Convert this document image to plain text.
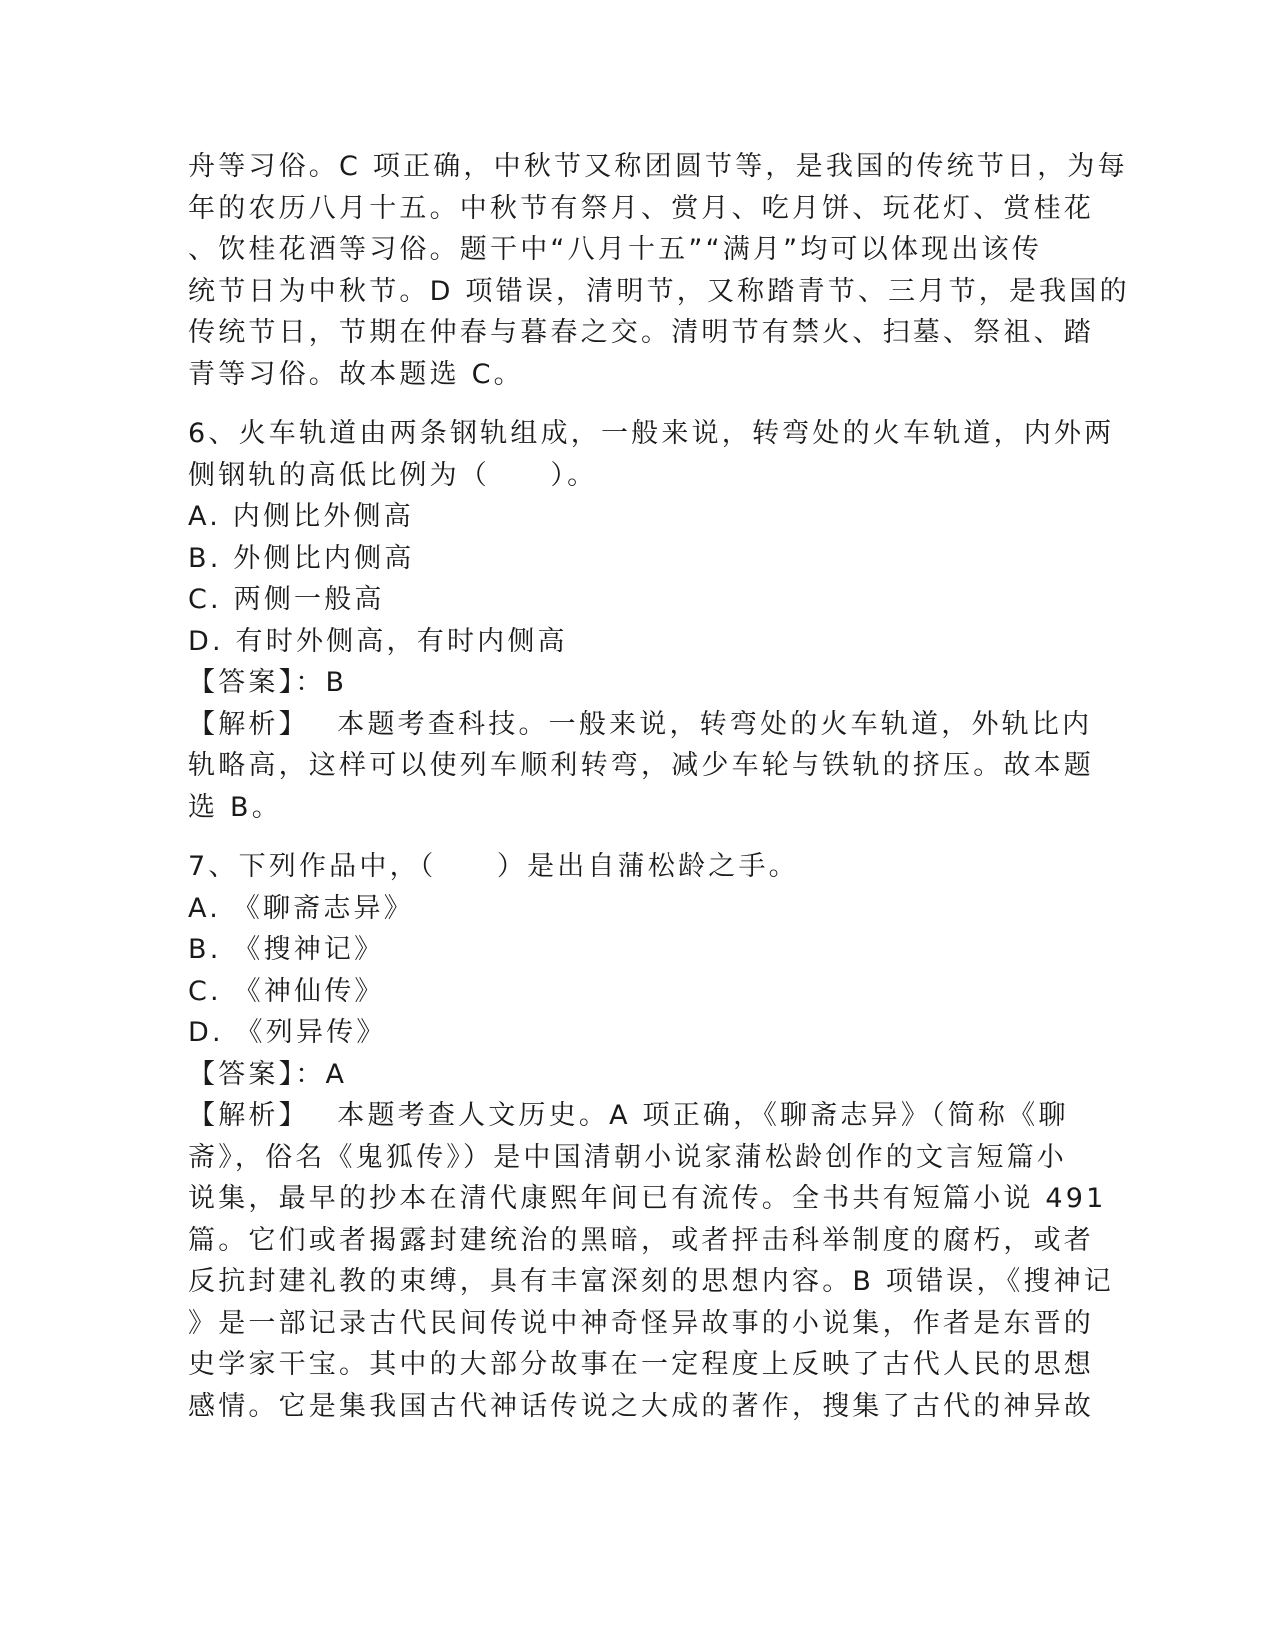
舟等习俗。C 项正确，中秋节又称团圆节等，是我国的传统节日，为每
年的农历八月十五。中秋节有祭月、赏月、吃月饼、玩花灯、赏桂花
、饮桂花酒等习俗。题干中“八月十五”“满月”均可以体现出该传
统节日为中秋节。D 项错误，清明节，又称踏青节、三月节，是我国的
传统节日，节期在仲春与暮春之交。清明节有禁火、扫墓、祭祖、踏
青等习俗。故本题选 C。
6、火车轨道由两条钢轨组成，一般来说，转弯处的火车轨道，内外两
侧钢轨的高低比例为（　　）。
A. 内侧比外侧高
B. 外侧比内侧高
C. 两侧一般高
D. 有时外侧高，有时内侧高
【答案】：B
【解析】　 本题考查科技。一般来说，转弯处的火车轨道，外轨比内
轨略高，这样可以使列车顺利转弯，减少车轮与铁轨的挤压。故本题
选 B。
7、下列作品中，（　　）是出自蒲松龄之手。
A. 《聊斋志异》
B. 《搜神记》
C. 《神仙传》
D. 《列异传》
【答案】：A
【解析】　 本题考查人文历史。A 项正确，《聊斋志异》（简称《聊
斋》，俗名《鬼狐传》）是中国清朝小说家蒲松龄创作的文言短篇小
说集，最早的抄本在清代康熙年间已有流传。全书共有短篇小说 491
篇。它们或者揭露封建统治的黑暗，或者抨击科举制度的腐朽，或者
反抗封建礼教的束缚，具有丰富深刻的思想内容。B 项错误，《搜神记
》是一部记录古代民间传说中神奇怪异故事的小说集，作者是东晋的
史学家干宝。其中的大部分故事在一定程度上反映了古代人民的思想
感情。它是集我国古代神话传说之大成的著作，搜集了古代的神异故
